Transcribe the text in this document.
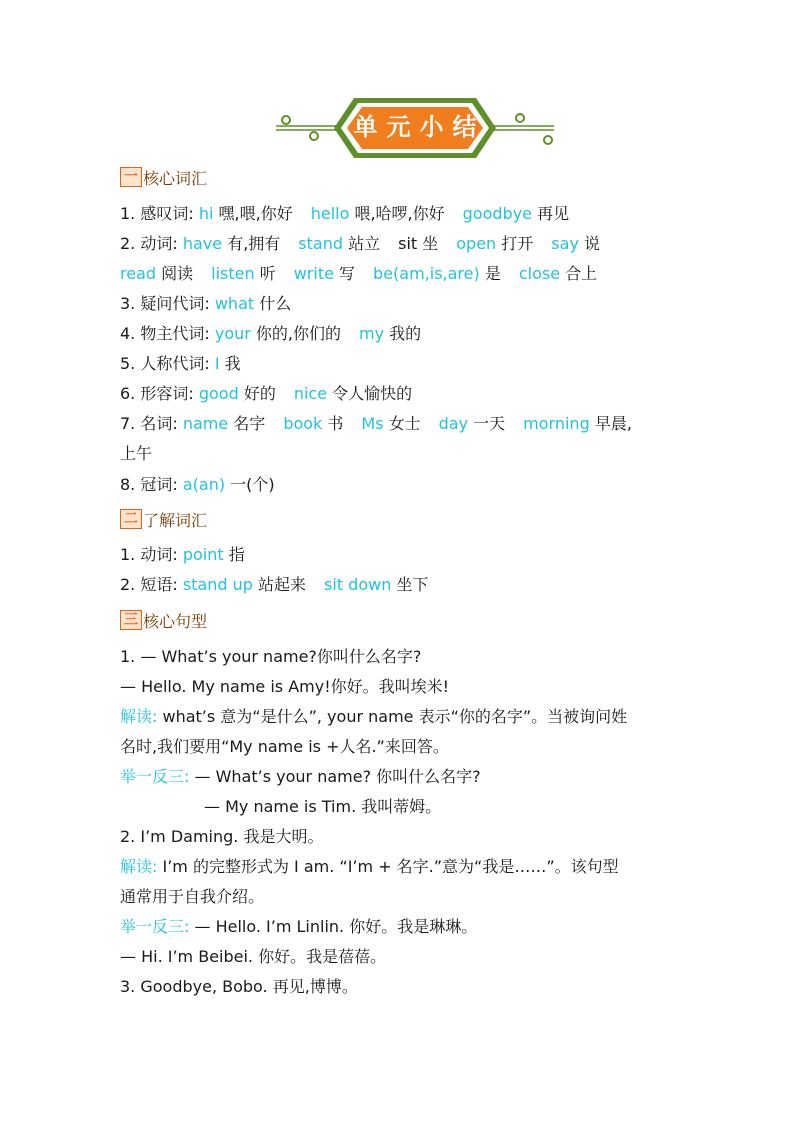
单元小结
一 核心词汇
1. 感叹词: hi 嘿,喂,你好 hello 喂,哈啰,你好 goodbye 再见
2. 动词: have 有,拥有 stand 站立 sit 坐 open 打开 say 说
read 阅读 listen 听 write 写 be(am,is,are) 是 close 合上
3. 疑问代词: what 什么
4. 物主代词: your 你的,你们的 my 我的
5. 人称代词: I 我
6. 形容词: good 好的 nice 令人愉快的
7. 名词: name 名字 book 书 Ms 女士 day 一天 morning 早晨,
上午
8. 冠词: a(an) 一(个)
二 了解词汇
1. 动词: point 指
2. 短语: stand up 站起来 sit down 坐下
三 核心句型
1. — What’s your name?你叫什么名字?
— Hello. My name is Amy!你好。我叫埃米!
解读: what’s 意为“是什么”, your name 表示“你的名字”。当被询问姓
名时,我们要用“My name is +人名.”来回答。
举一反三: — What’s your name? 你叫什么名字?
— My name is Tim. 我叫蒂姆。
2. I’m Daming. 我是大明。
解读: I’m 的完整形式为 I am. “I’m + 名字.”意为“我是……”。该句型
通常用于自我介绍。
举一反三: — Hello. I’m Linlin. 你好。我是琳琳。
— Hi. I’m Beibei. 你好。我是蓓蓓。
3. Goodbye, Bobo. 再见,博博。
